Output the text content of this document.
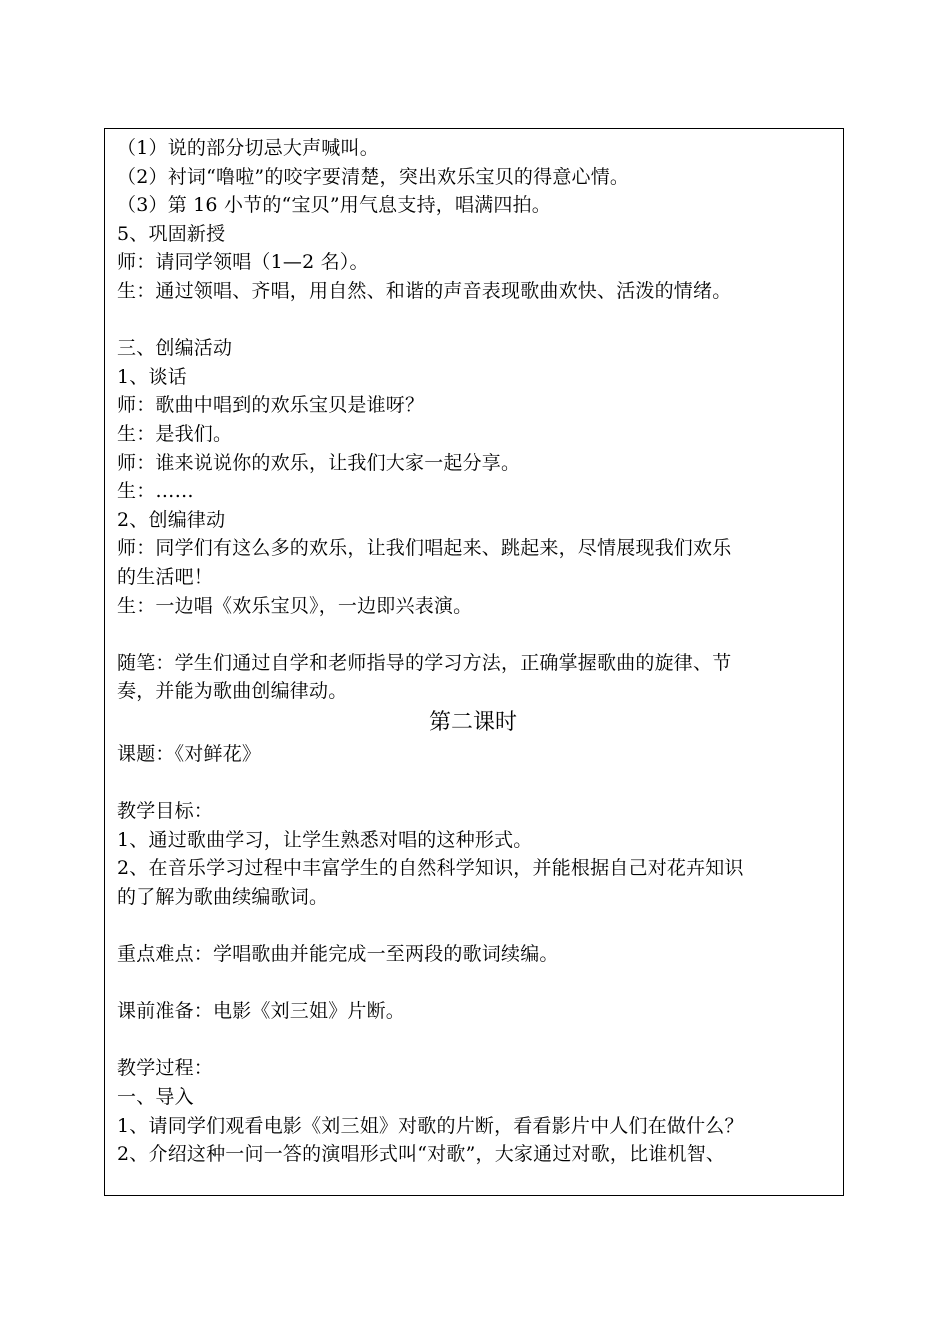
（1）说的部分切忌大声喊叫。
（2）衬词“噜啦”的咬字要清楚，突出欢乐宝贝的得意心情。
（3）第 16 小节的“宝贝”用气息支持，唱满四拍。
5、巩固新授
师：请同学领唱（1—2 名）。
生：通过领唱、齐唱，用自然、和谐的声音表现歌曲欢快、活泼的情绪。
三、创编活动
1、谈话
师：歌曲中唱到的欢乐宝贝是谁呀？
生：是我们。
师：谁来说说你的欢乐，让我们大家一起分享。
生：……
2、创编律动
师：同学们有这么多的欢乐，让我们唱起来、跳起来，尽情展现我们欢乐
的生活吧！
生：一边唱《欢乐宝贝》，一边即兴表演。
随笔：学生们通过自学和老师指导的学习方法，正确掌握歌曲的旋律、节
奏，并能为歌曲创编律动。
第二课时
课题：《对鲜花》
教学目标：
1、通过歌曲学习，让学生熟悉对唱的这种形式。
2、在音乐学习过程中丰富学生的自然科学知识，并能根据自己对花卉知识
的了解为歌曲续编歌词。
重点难点：学唱歌曲并能完成一至两段的歌词续编。
课前准备：电影《刘三姐》片断。
教学过程：
一、导入
1、请同学们观看电影《刘三姐》对歌的片断，看看影片中人们在做什么？
2、介绍这种一问一答的演唱形式叫“对歌”，大家通过对歌，比谁机智、
